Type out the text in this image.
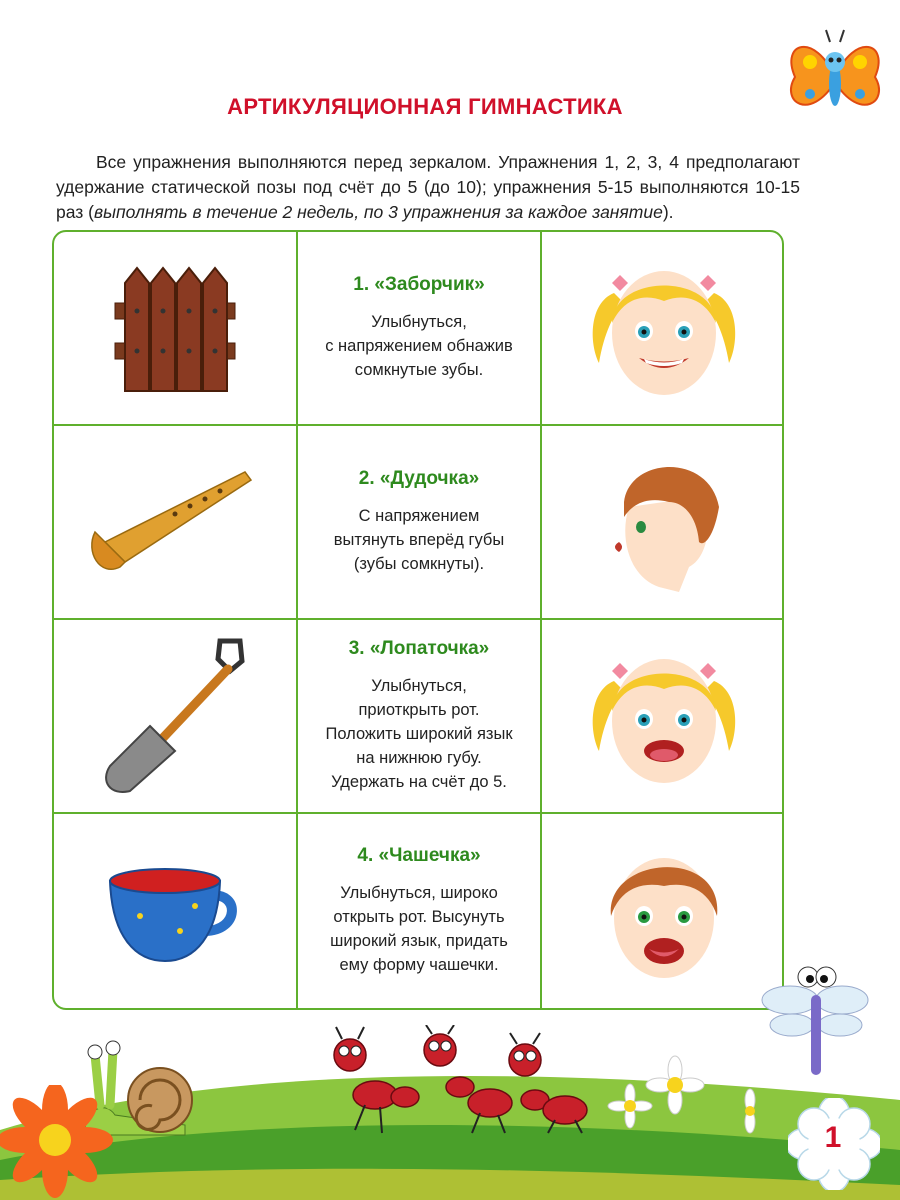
АРТИКУЛЯЦИОННАЯ ГИМНАСТИКА
Все упражнения выполняются перед зеркалом. Упражнения 1, 2, 3, 4 предполагают удержание статической позы под счёт до 5 (до 10); упражнения 5-15 выполняются 10-15 раз (выполнять в течение 2 недель, по 3 упражнения за каждое занятие).
1. «Заборчик»
Улыбнуться,
с напряжением обнажив
сомкнутые зубы.
2. «Дудочка»
С напряжением
вытянуть вперёд губы
(зубы сомкнуты).
3. «Лопаточка»
Улыбнуться,
приоткрыть рот.
Положить широкий язык
на нижнюю губу.
Удержать на счёт до 5.
4. «Чашечка»
Улыбнуться, широко
открыть рот. Высунуть
широкий язык, придать
ему форму чашечки.
1
